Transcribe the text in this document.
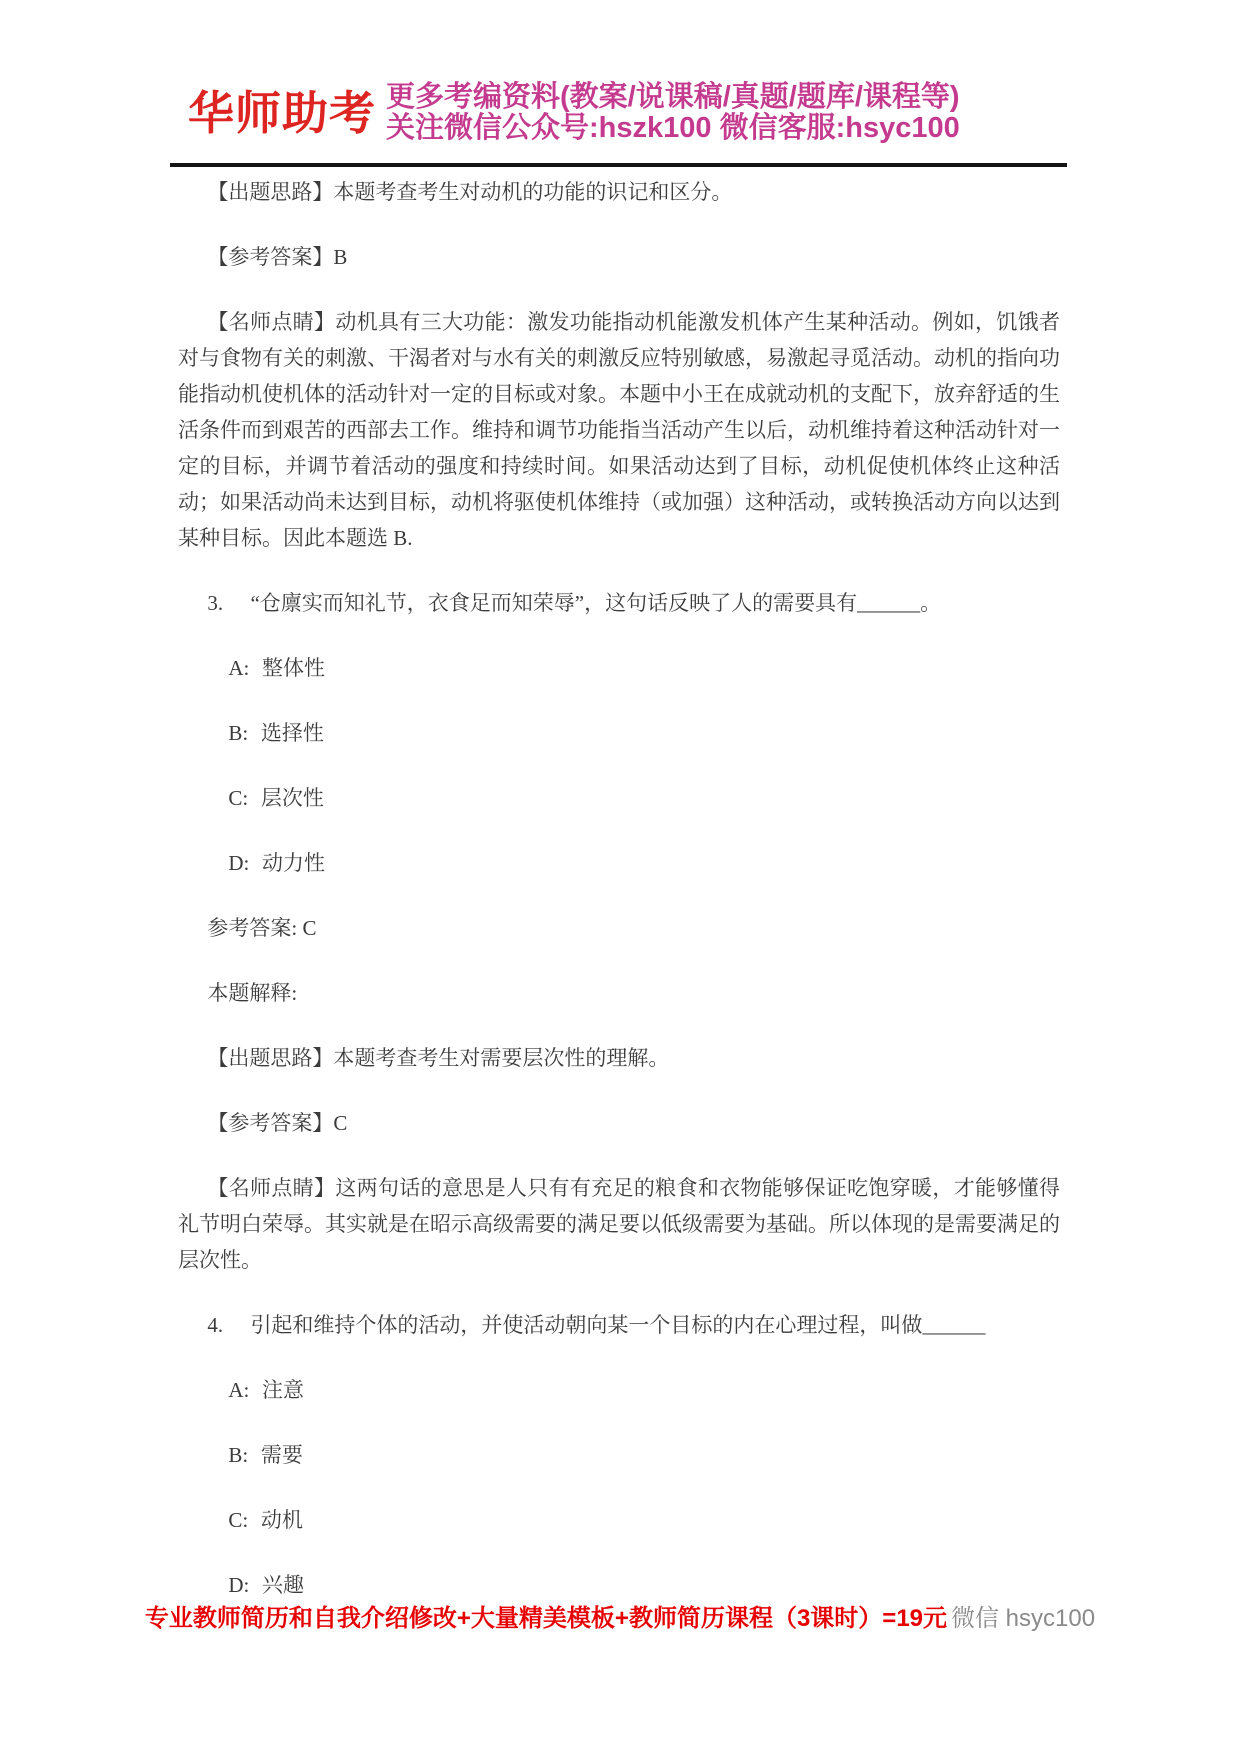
华师助考 更多考编资料(教案/说课稿/真题/题库/课程等)
关注微信公众号:hszk100 微信客服:hsyc100

【出题思路】本题考查考生对动机的功能的识记和区分。

【参考答案】B

【名师点睛】动机具有三大功能：激发功能指动机能激发机体产生某种活动。例如，饥饿者对与食物有关的刺激、干渴者对与水有关的刺激反应特别敏感，易激起寻觅活动。动机的指向功能指动机使机体的活动针对一定的目标或对象。本题中小王在成就动机的支配下，放弃舒适的生活条件而到艰苦的西部去工作。维持和调节功能指当活动产生以后，动机维持着这种活动针对一定的目标，并调节着活动的强度和持续时间。如果活动达到了目标，动机促使机体终止这种活动；如果活动尚未达到目标，动机将驱使机体维持（或加强）这种活动，或转换活动方向以达到某种目标。因此本题选 B.

3. “仓廪实而知礼节，衣食足而知荣辱”，这句话反映了人的需要具有______。

A: 整体性

B: 选择性

C: 层次性

D: 动力性

参考答案: C

本题解释:

【出题思路】本题考查考生对需要层次性的理解。

【参考答案】C

【名师点睛】这两句话的意思是人只有有充足的粮食和衣物能够保证吃饱穿暖，才能够懂得礼节明白荣辱。其实就是在昭示高级需要的满足要以低级需要为基础。所以体现的是需要满足的层次性。

4. 引起和维持个体的活动，并使活动朝向某一个目标的内在心理过程，叫做______

A: 注意

B: 需要

C: 动机

D: 兴趣

专业教师简历和自我介绍修改+大量精美模板+教师简历课程（3课时）=19元 微信 hsyc100
